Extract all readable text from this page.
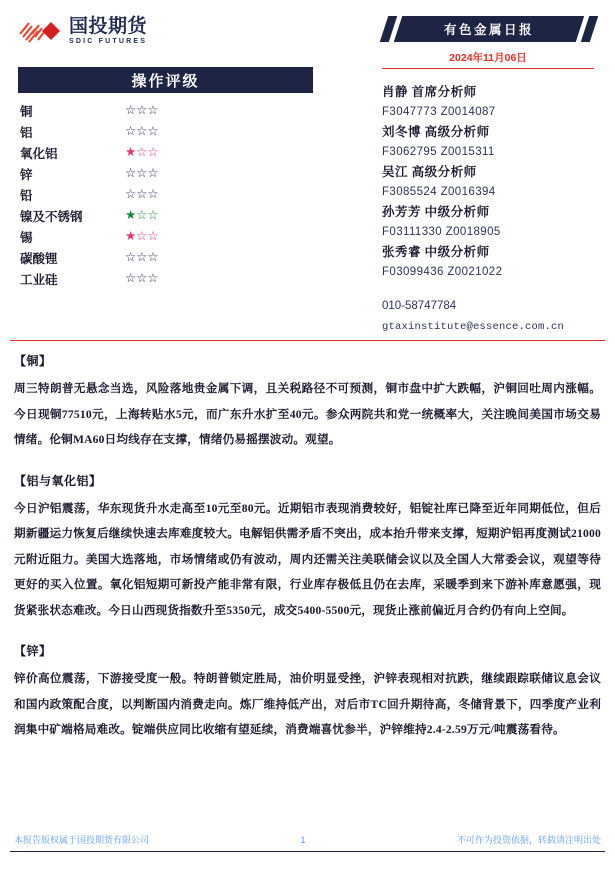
国投期货
SDIC FUTURES
操作评级
铜	☆☆☆
铝	☆☆☆
氧化铝	★☆☆
锌	☆☆☆
铅	☆☆☆
镍及不锈钢	★☆☆
锡	★☆☆
碳酸锂	☆☆☆
工业硅	☆☆☆
有色金属日报
2024年11月06日
肖静 首席分析师
F3047773 Z0014087
刘冬博 高级分析师
F3062795 Z0015311
吴江 高级分析师
F3085524 Z0016394
孙芳芳 中级分析师
F03111330 Z0018905
张秀睿 中级分析师
F03099436 Z0021022
010-58747784
gtaxinstitute@essence.com.cn
【铜】
周三特朗普无悬念当选，风险落地贵金属下调，且关税路径不可预测，铜市盘中扩大跌幅，沪铜回吐周内涨幅。今日现铜77510元，上海转贴水5元，而广东升水扩至40元。参众两院共和党一统概率大，关注晚间美国市场交易情绪。伦铜MA60日均线存在支撑，情绪仍易摇摆波动。观望。
【铝与氧化铝】
今日沪铝震荡，华东现货升水走高至10元至80元。近期铝市表现消费较好，铝锭社库已降至近年同期低位，但后期新疆运力恢复后继续快速去库难度较大。电解铝供需矛盾不突出，成本抬升带来支撑，短期沪铝再度测试21000元附近阻力。美国大选落地，市场情绪或仍有波动，周内还需关注美联储会议以及全国人大常委会议，观望等待更好的买入位置。氧化铝短期可新投产能非常有限，行业库存极低且仍在去库，采暖季到来下游补库意愿强，现货紧张状态难改。今日山西现货指数升至5350元，成交5400-5500元，现货止涨前偏近月合约仍有向上空间。
【锌】
锌价高位震荡，下游接受度一般。特朗普锁定胜局，油价明显受挫，沪锌表现相对抗跌，继续跟踪联储议息会议和国内政策配合度，以判断国内消费走向。炼厂维持低产出，对后市TC回升期待高，冬储背景下，四季度产业利润集中矿端格局难改。锭端供应同比收缩有望延续，消费端喜忧参半，沪锌维持2.4-2.59万元/吨震荡看待。
本报告版权属于国投期货有限公司	1	不可作为投资依据，转载请注明出处
